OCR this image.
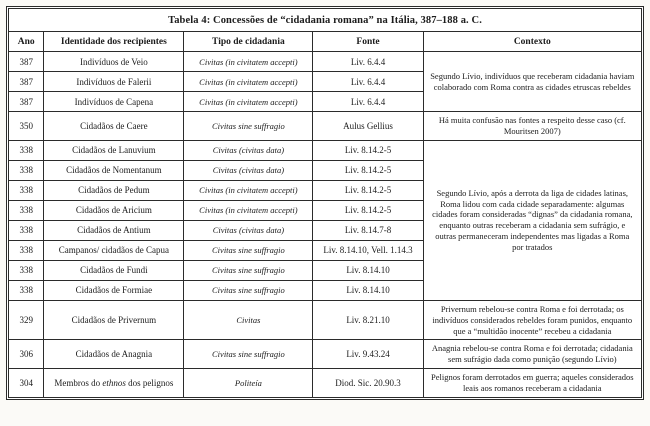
Tabela 4: Concessões de “cidadania romana” na Itália, 387–188 a. C.				
Ano	Identidade dos recipientes	Tipo de cidadania	Fonte	Contexto
387	Indivíduos de Veio	Civitas (in civitatem accepti)	Liv. 6.4.4	Segundo Lívio, indivíduos que receberam cidadania haviam colaborado com Roma contra as cidades etruscas rebeldes
387	Indivíduos de Falerii	Civitas (in civitatem accepti)	Liv. 6.4.4	
387	Indivíduos de Capena	Civitas (in civitatem accepti)	Liv. 6.4.4	
350	Cidadãos de Caere	Civitas sine suffragio	Aulus Gellius	Há muita confusão nas fontes a respeito desse caso (cf. Mouritsen 2007)
338	Cidadãos de Lanuvium	Civitas (civitas data)	Liv. 8.14.2-5	Segundo Lívio, após a derrota da liga de cidades latinas, Roma lidou com cada cidade separadamente: algumas cidades foram consideradas “dignas” da cidadania romana, enquanto outras receberam a cidadania sem sufrágio, e outras permaneceram independentes mas ligadas a Roma por tratados
338	Cidadãos de Nomentanum	Civitas (civitas data)	Liv. 8.14.2-5	
338	Cidadãos de Pedum	Civitas (in civitatem accepti)	Liv. 8.14.2-5	
338	Cidadãos de Aricium	Civitas (in civitatem accepti)	Liv. 8.14.2-5	
338	Cidadãos de Antium	Civitas (civitas data)	Liv. 8.14.7-8	
338	Campanos/ cidadãos de Capua	Civitas sine suffragio	Liv. 8.14.10, Vell. 1.14.3	
338	Cidadãos de Fundi	Civitas sine suffragio	Liv. 8.14.10	
338	Cidadãos de Formiae	Civitas sine suffragio	Liv. 8.14.10	
329	Cidadãos de Privernum	Civitas	Liv. 8.21.10	Privernum rebelou-se contra Roma e foi derrotada; os indivíduos considerados rebeldes foram punidos, enquanto que a “multidão inocente” recebeu a cidadania
306	Cidadãos de Anagnia	Civitas sine suffragio	Liv. 9.43.24	Anagnia rebelou-se contra Roma e foi derrotada; cidadania sem sufrágio dada como punição (segundo Lívio)
304	Membros do ethnos dos pelignos	Politeía	Diod. Sic. 20.90.3	Pelignos foram derrotados em guerra; aqueles considerados leais aos romanos receberam a cidadania
